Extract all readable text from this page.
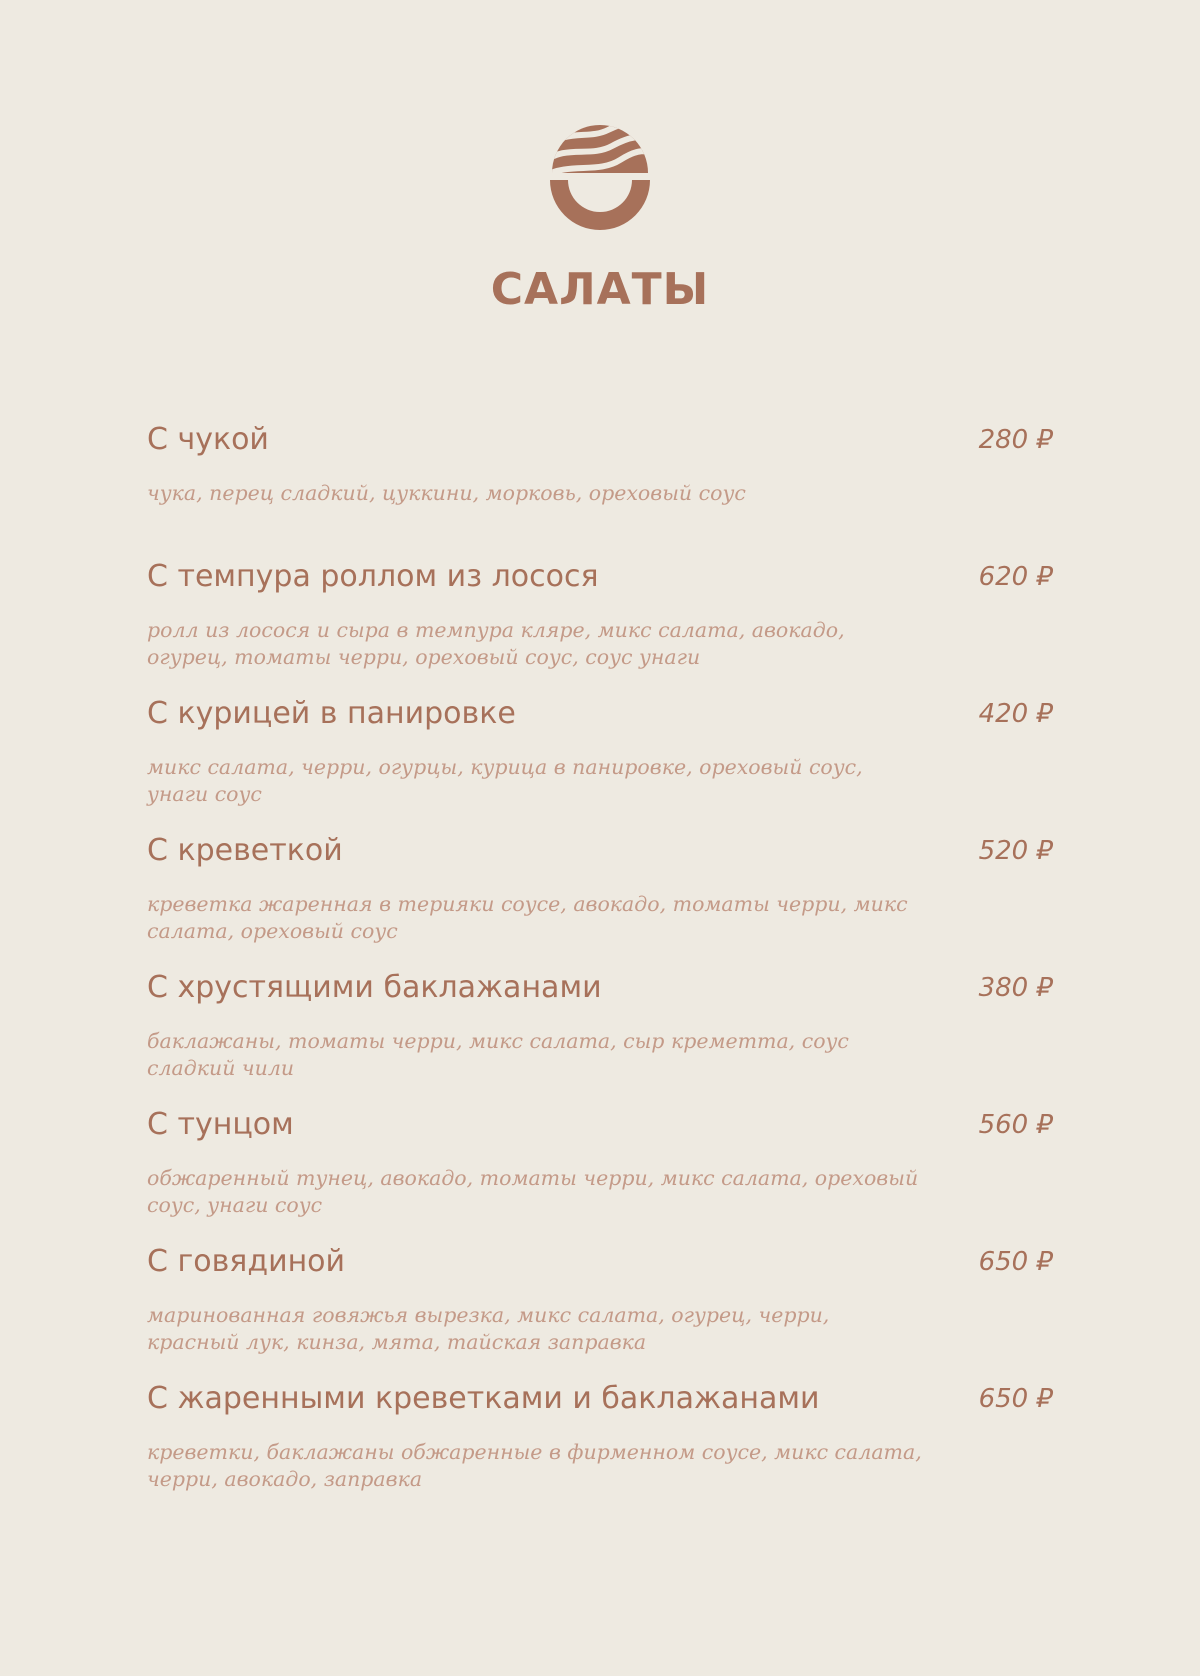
САЛАТЫ
С чукой	280 ₽
чука, перец сладкий, цуккини, морковь, ореховый соус
С темпура роллом из лосося	620 ₽
ролл из лосося и сыра в темпура кляре, микс салата, авокадо, огурец, томаты черри, ореховый соус, соус унаги
С курицей в панировке	420 ₽
микс салата, черри, огурцы, курица в панировке, ореховый соус, унаги соус
С креветкой	520 ₽
креветка жаренная в терияки соусе, авокадо, томаты черри, микс салата, ореховый соус
С хрустящими баклажанами	380 ₽
баклажаны, томаты черри, микс салата, сыр креметта, соус сладкий чили
С тунцом	560 ₽
обжаренный тунец, авокадо, томаты черри, микс салата, ореховый соус, унаги соус
С говядиной	650 ₽
маринованная говяжья вырезка, микс салата, огурец, черри, красный лук, кинза, мята, тайская заправка
С жаренными креветками и баклажанами	650 ₽
креветки, баклажаны обжаренные в фирменном соусе, микс салата, черри, авокадо, заправка
